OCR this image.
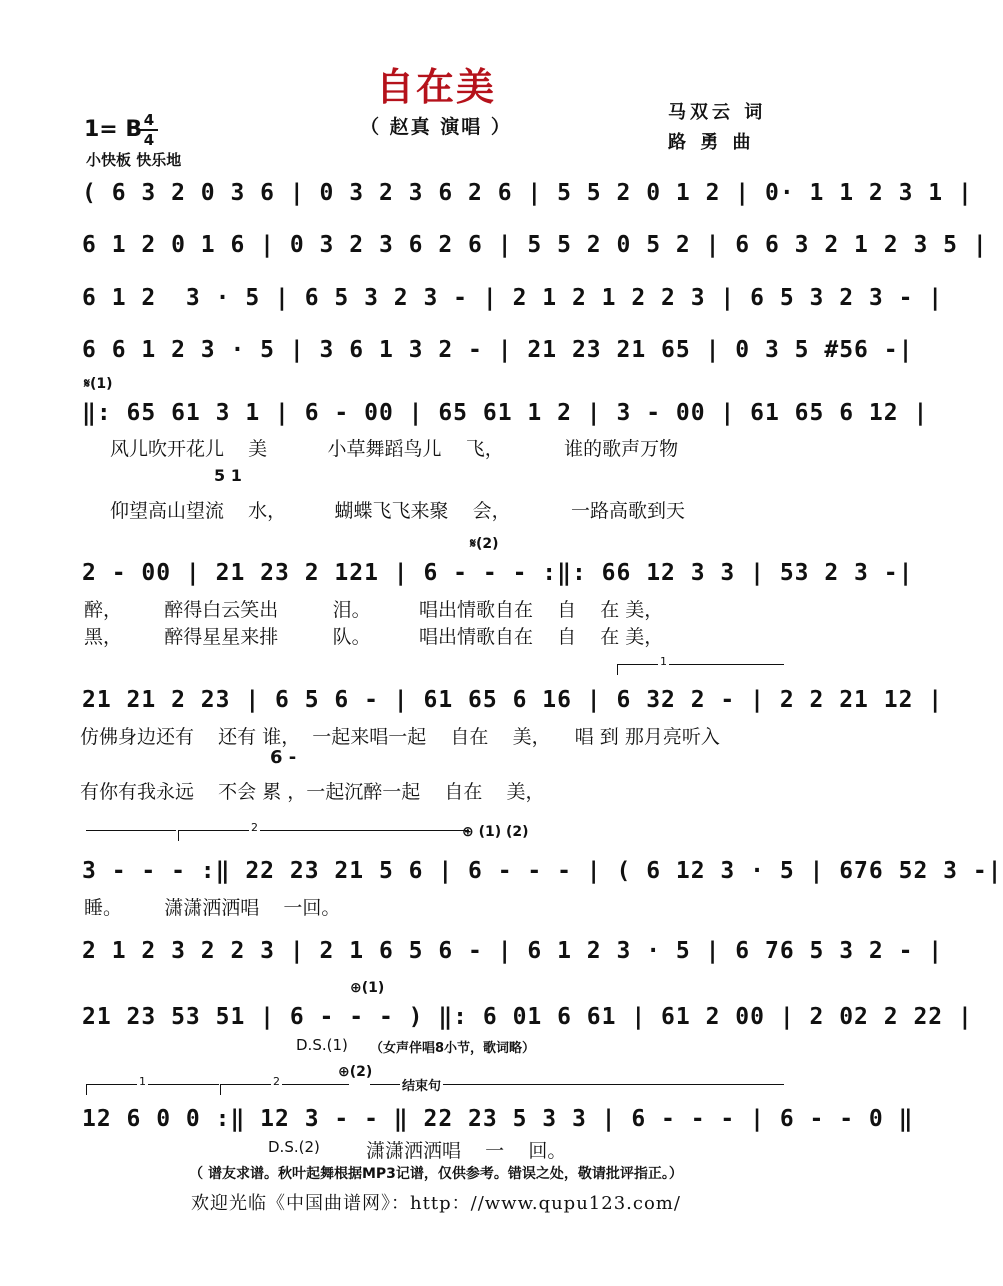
自在美
（ 赵真 演唱 ）
马双云 词
路 勇 曲
1= B 4
4
小快板 快乐地
( 6 3 2 0 3 6 | 0 3 2 3 6 2 6 | 5 5 2 0 1 2 | 0· 1 1 2 3 1 |
6 1 2 0 1 6 | 0 3 2 3 6 2 6 | 5 5 2 0 5 2 | 6 6 3 2 1 2 3 5 |
6 1 2  3 · 5 | 6 5 3 2 3 - | 2 1 2 1 2 2 3 | 6 5 3 2 3 - |
6 6 1 2 3 · 5 | 3 6 1 3 2 - | 21 23 21 65 | 0 3 5 #56 -|
𝄋(1)
‖: 65 61 3 1 | 6 - 00 | 65 61 1 2 | 3 - 00 | 61 65 6 12 |
风儿吹开花儿    美          小草舞蹈鸟儿    飞，          谁的歌声万物
5 1
仰望高山望流    水，        蝴蝶飞飞来聚    会，          一路高歌到天
𝄋(2)
2 - 00 | 21 23 2 121 | 6 - - - :‖: 66 12 3 3 | 53 2 3 -|
醉，       醉得白云笑出         泪。        唱出情歌自在    自    在 美，
黑，       醉得星星来排         队。        唱出情歌自在    自    在 美，
1
21 21 2 23 | 6 5 6 - | 61 65 6 16 | 6 32 2 - | 2 2 21 12 |
仿佛身边还有    还有 谁，  一起来唱一起    自在    美，    唱 到 那月亮听入
6 -
有你有我永远    不会 累 ，一起沉醉一起    自在    美，
2	⊕ (1) (2)
3 - - - :‖ 22 23 21 5 6 | 6 - - - | ( 6 12 3 · 5 | 676 52 3 -|
睡。       潇潇洒洒唱    一回。
2 1 2 3 2 2 3 | 2 1 6 5 6 - | 6 1 2 3 · 5 | 6 76 5 3 2 - |
⊕(1)
21 23 53 51 | 6 - - - ) ‖: 6 01 6 61 | 61 2 00 | 2 02 2 22 |
D.S.(1) （女声伴唱8小节，歌词略）
1	2
⊕(2)
结束句
12 6 0 0 :‖ 12 3 - - ‖ 22 23 5 3 3 | 6 - - - | 6 - - 0 ‖
D.S.(2) 潇潇洒洒唱    一    回。
（ 谱友求谱。秋叶起舞根据MP3记谱，仅供参考。错误之处，敬请批评指正。）
欢迎光临《中国曲谱网》：http：//www.qupu123.com/
